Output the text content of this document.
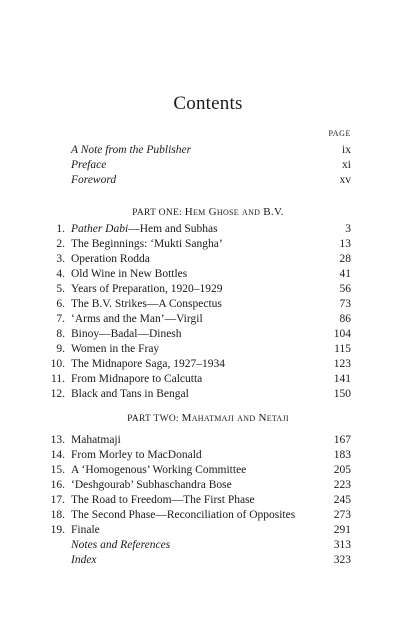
Contents
PAGE
A Note from the Publisher	ix
Preface	xi
Foreword	xv
PART ONE: Hem Ghose and B.V.
1. Pather Dabi—Hem and Subhas	3
2. The Beginnings: ‘Mukti Sangha’	13
3. Operation Rodda	28
4. Old Wine in New Bottles	41
5. Years of Preparation, 1920–1929	56
6. The B.V. Strikes—A Conspectus	73
7. ‘Arms and the Man’—Virgil	86
8. Binoy—Badal—Dinesh	104
9. Women in the Fray	115
10. The Midnapore Saga, 1927–1934	123
11. From Midnapore to Calcutta	141
12. Black and Tans in Bengal	150
PART TWO: Mahatmaji and Netaji
13. Mahatmaji	167
14. From Morley to MacDonald	183
15. A ‘Homogenous’ Working Committee	205
16. ‘Deshgourab’ Subhaschandra Bose	223
17. The Road to Freedom—The First Phase	245
18. The Second Phase—Reconciliation of Opposites	273
19. Finale	291
Notes and References	313
Index	323
